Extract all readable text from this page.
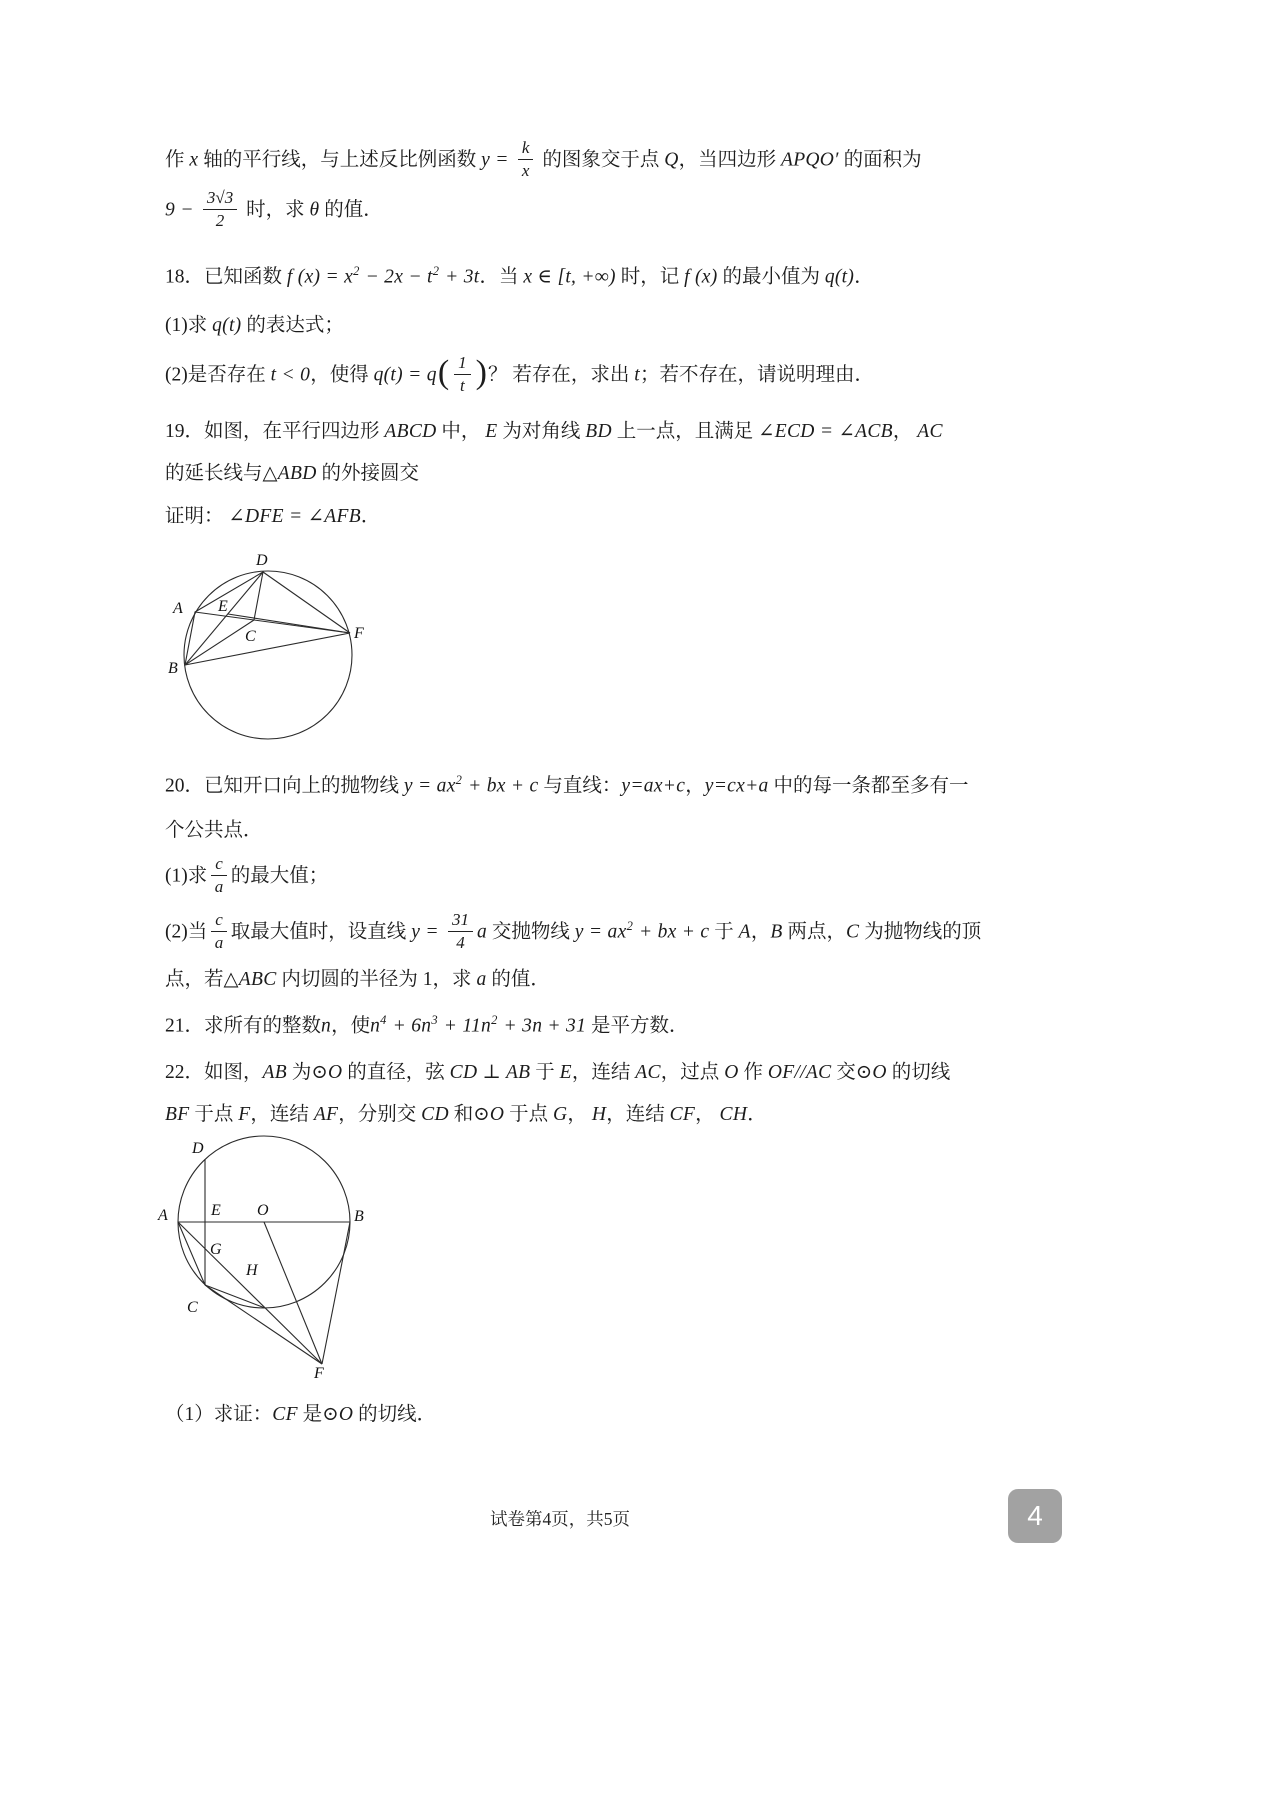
作 x 轴的平行线，与上述反比例函数 $y = \frac{k}{x}$ 的图象交于点 Q，当四边形 APQO′ 的面积为
$9 - \frac{3√3}{2}$ 时，求 θ 的值．
18．已知函数 f $(x) = x^2 - 2x - t^2 + 3t$．当 x ∈ [t, +∞) 时，记 f (x) 的最小值为 q(t)．
(1)求 q(t) 的表达式；
(2)是否存在 t < 0，使得 $q(t) = q( \frac{1}{t}$ )？ 若存在，求出 t；若不存在，请说明理由．
19．如图，在平行四边形 ABCD 中， E 为对角线 BD 上一点，且满足 ∠ECD = ∠ACB， AC
的延长线与△ABD 的外接圆交
证明： ∠DFE = ∠AFB．
20．已知开口向上的抛物线 $y = ax^2$ + bx + c 与直线：y=ax+c，y=cx+a 中的每一条都至多有一
个公共点．
(1)求 $\frac{c}{a}$ 的最大值；
(2)当 $\frac{c}{a}$ 取最大值时，设直线 $y = \frac{31}{4}$ a 交抛物线 $y = ax^2$ + bx + c 于 A，B 两点，C 为抛物线的顶
点，若△ABC 内切圆的半径为 1，求 a 的值．
21．求所有的整数n，使$n^4 + 6n^3 + 11n^2 + 3n + 31$ 是平方数．
22．如图，AB 为⊙O 的直径，弦 CD ⊥ AB 于 E，连结 AC，过点 O 作 OF//AC 交⊙O 的切线
BF 于点 F，连结 AF，分别交 CD 和⊙O 于点 G， H，连结 CF， CH．
（1）求证：CF 是⊙O 的切线．
D
A E
C	F
B
D
A	E O	B
G
C
H
F
试卷第4页，共5页	4
